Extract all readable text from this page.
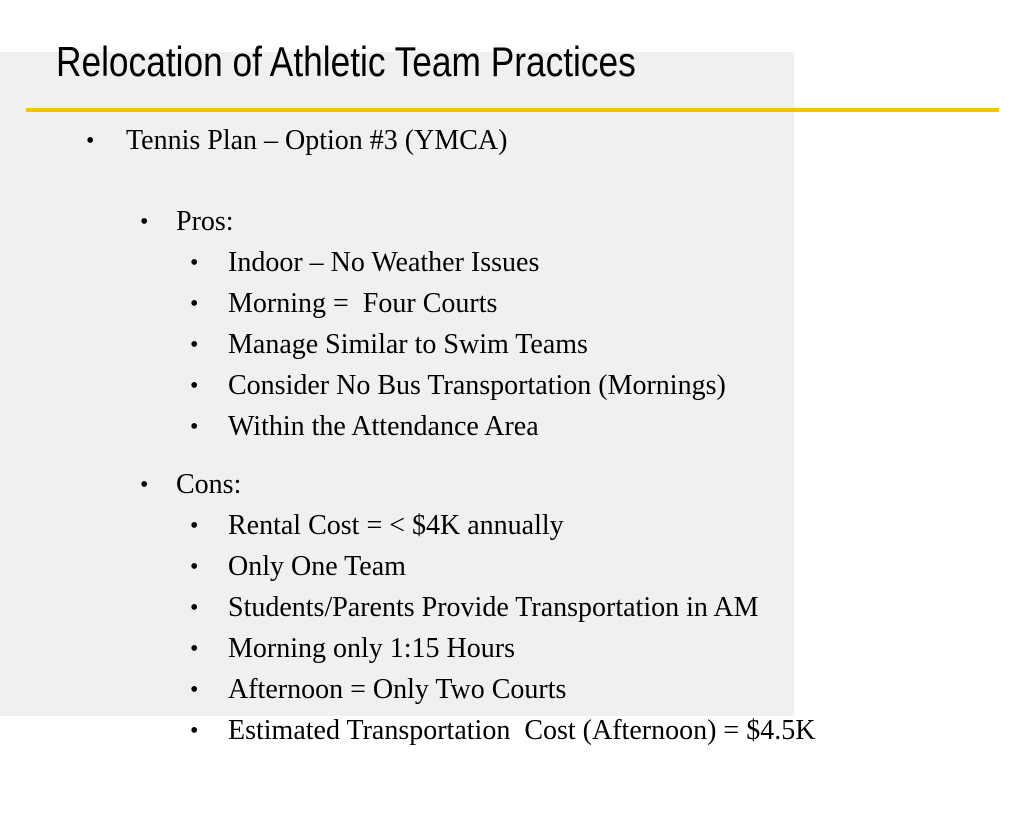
Relocation of Athletic Team Practices

•

Tennis Plan – Option #3 (YMCA)

•

Pros:

•

Indoor – No Weather Issues

•

Morning =  Four Courts

•

Manage Similar to Swim Teams

•

Consider No Bus Transportation (Mornings)

•

Within the Attendance Area

•

Cons:

•

Rental Cost = < $4K annually

•

Only One Team

•

Students/Parents Provide Transportation in AM

•

Morning only 1:15 Hours

•

Afternoon = Only Two Courts

•

Estimated Transportation  Cost (Afternoon) = $4.5K
